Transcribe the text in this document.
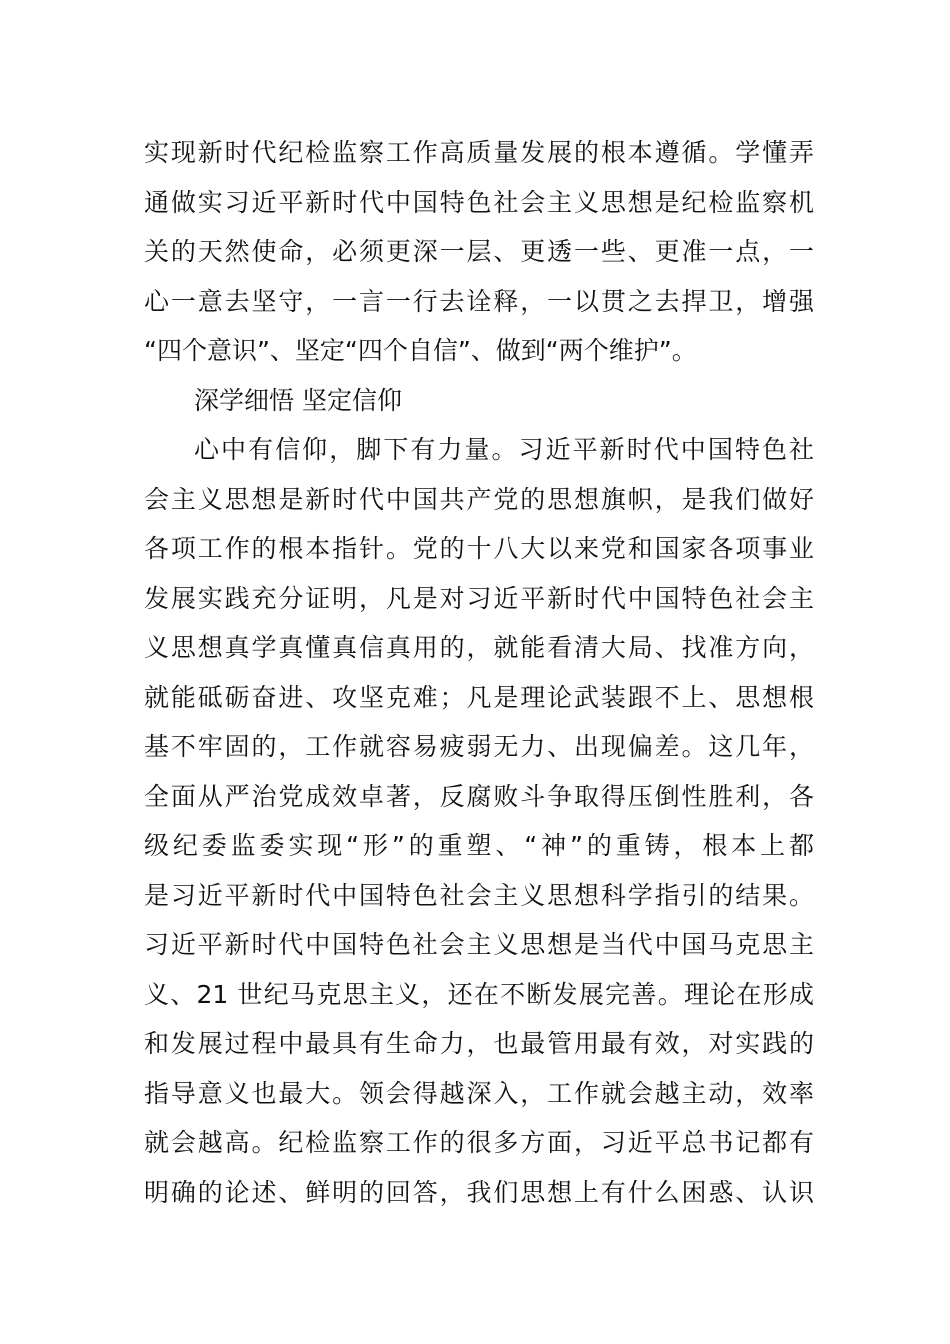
实现新时代纪检监察工作高质量发展的根本遵循。学懂弄
通做实习近平新时代中国特色社会主义思想是纪检监察机
关的天然使命，必须更深一层、更透一些、更准一点，一
心一意去坚守，一言一行去诠释，一以贯之去捍卫，增强
“四个意识”、坚定“四个自信”、做到“两个维护”。
深学细悟 坚定信仰
心中有信仰，脚下有力量。习近平新时代中国特色社
会主义思想是新时代中国共产党的思想旗帜，是我们做好
各项工作的根本指针。党的十八大以来党和国家各项事业
发展实践充分证明，凡是对习近平新时代中国特色社会主
义思想真学真懂真信真用的，就能看清大局、找准方向，
就能砥砺奋进、攻坚克难；凡是理论武装跟不上、思想根
基不牢固的，工作就容易疲弱无力、出现偏差。这几年，
全面从严治党成效卓著，反腐败斗争取得压倒性胜利，各
级纪委监委实现“形”的重塑、“神”的重铸，根本上都
是习近平新时代中国特色社会主义思想科学指引的结果。
习近平新时代中国特色社会主义思想是当代中国马克思主
义、21 世纪马克思主义，还在不断发展完善。理论在形成
和发展过程中最具有生命力，也最管用最有效，对实践的
指导意义也最大。领会得越深入，工作就会越主动，效率
就会越高。纪检监察工作的很多方面，习近平总书记都有
明确的论述、鲜明的回答，我们思想上有什么困惑、认识
